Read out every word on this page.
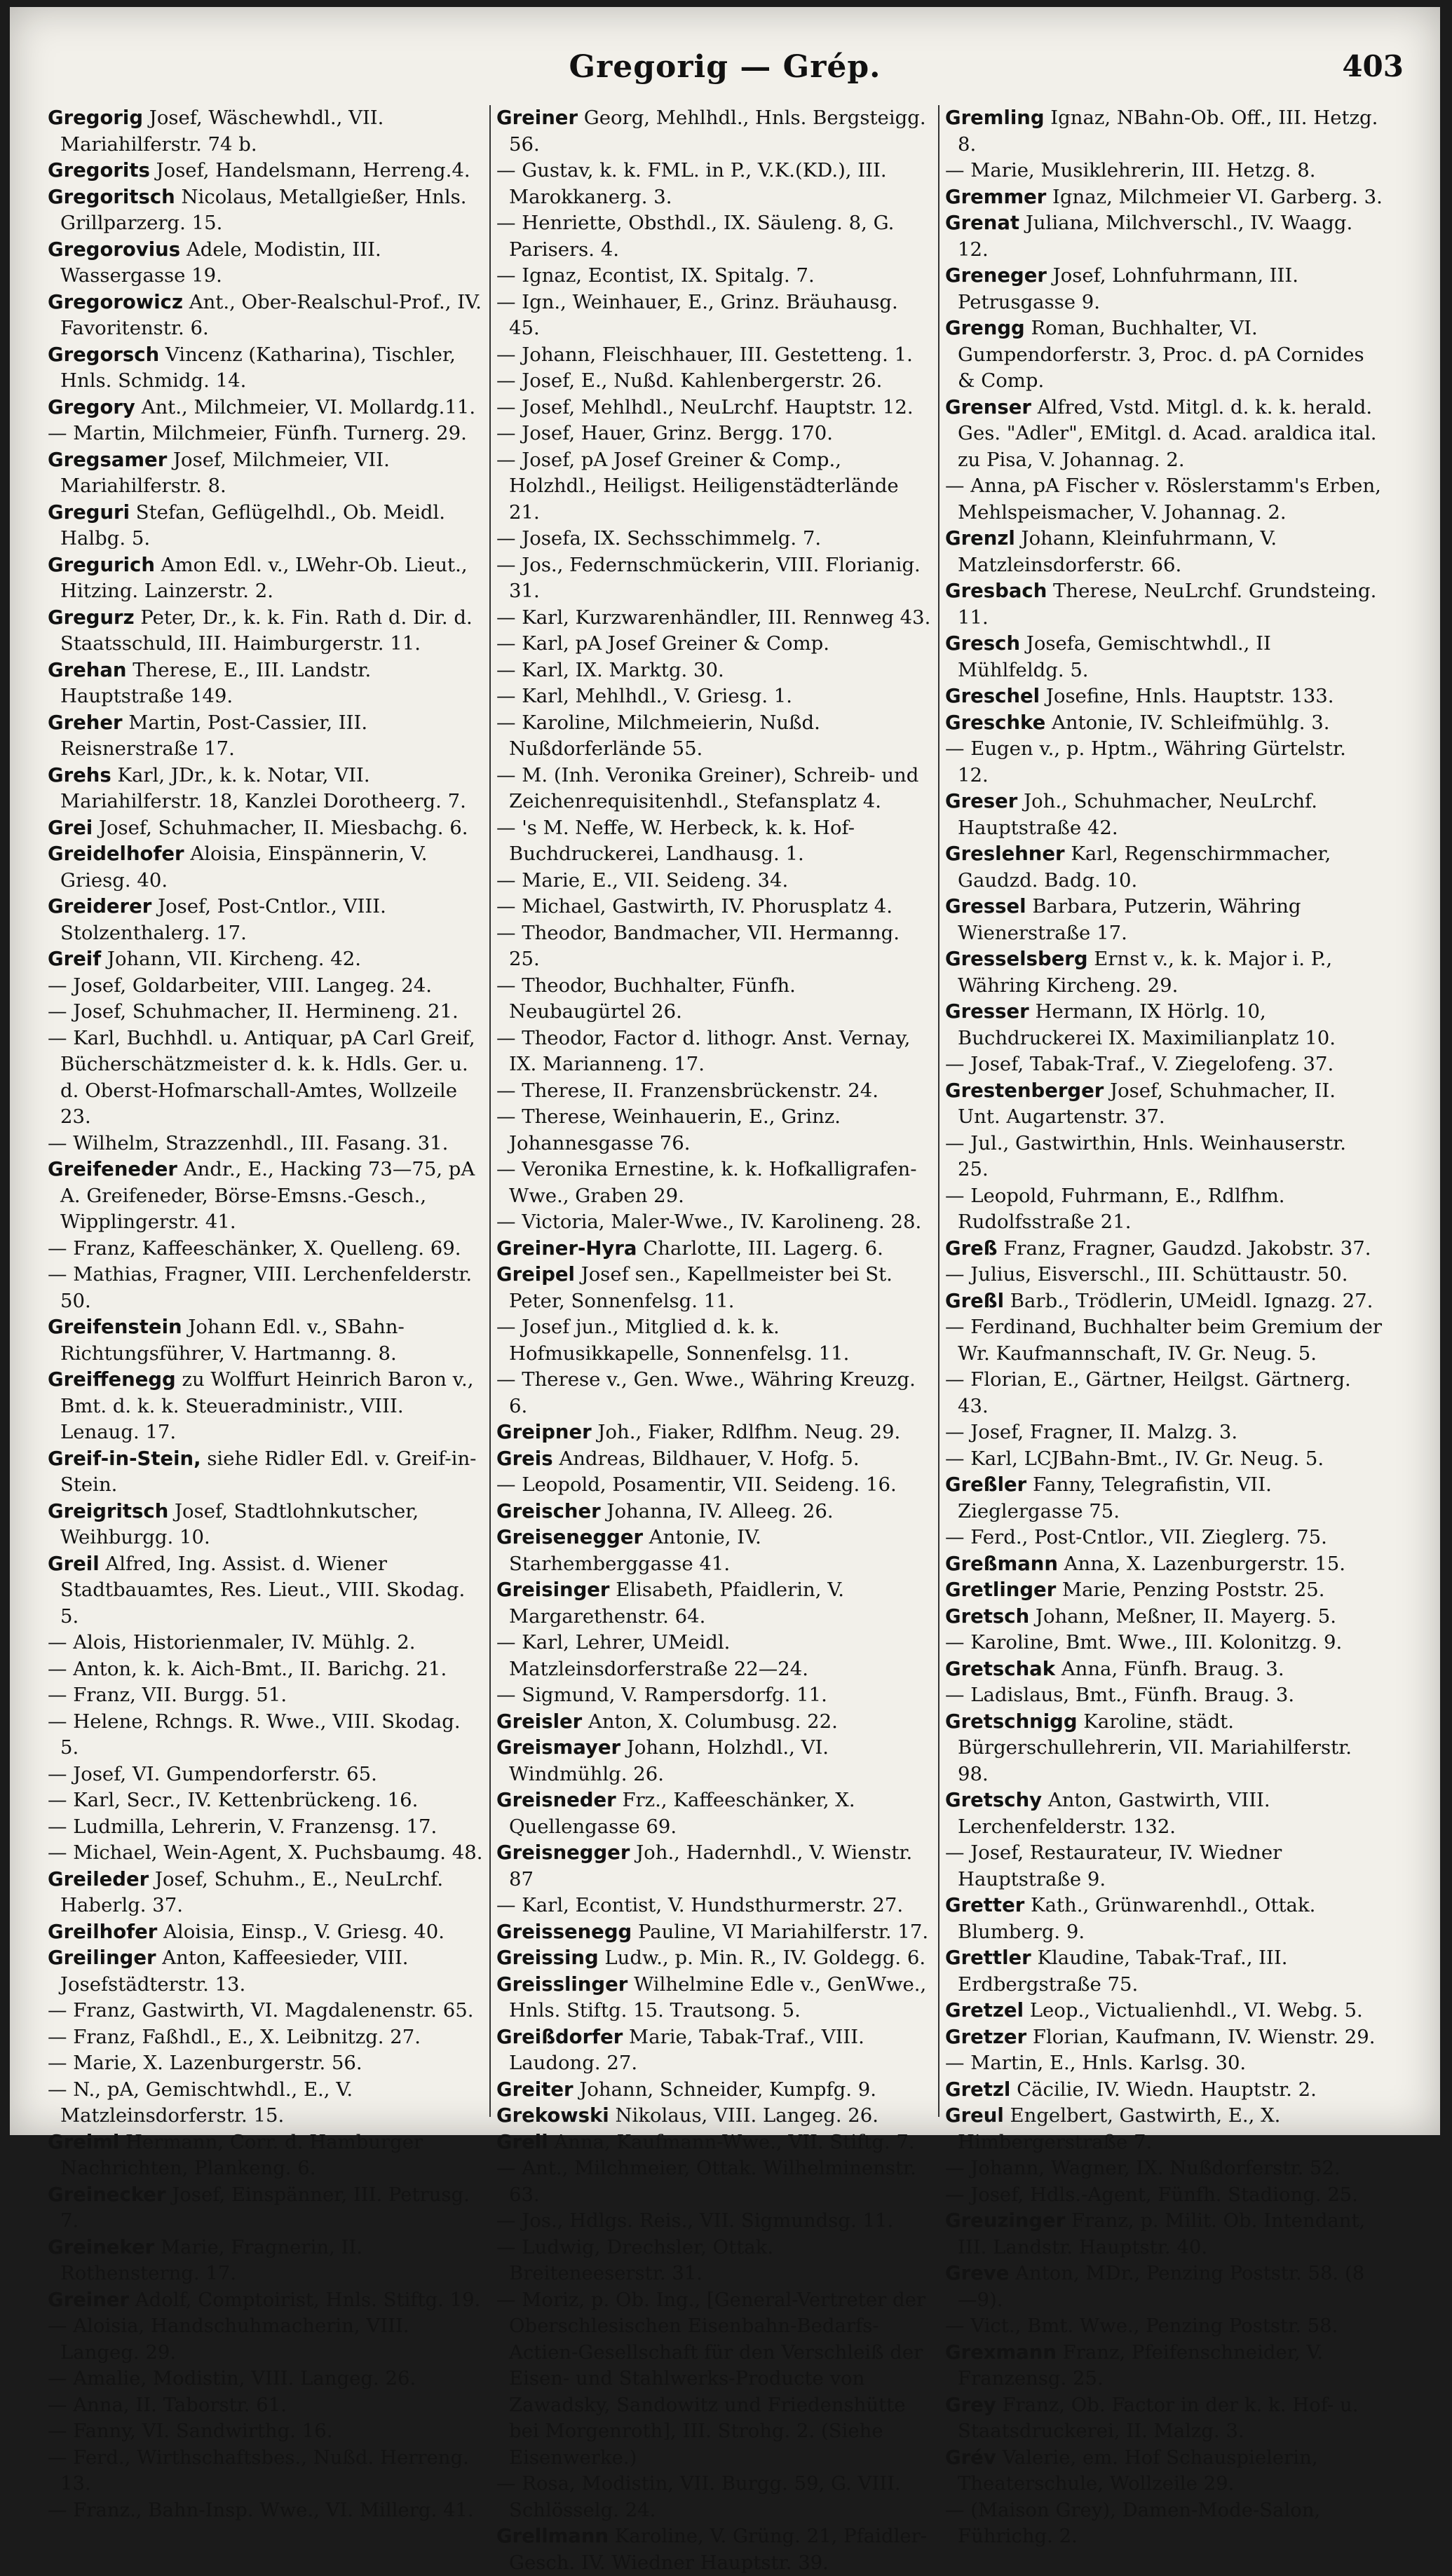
Gregorig — Grép.	403

Gregorig Josef, Wäschewhdl., VII. Mariahilferstr. 74 b.

Gregorits Josef, Handelsmann, Herreng.4.

Gregoritsch Nicolaus, Metallgießer, Hnls. Grillparzerg. 15.

Gregorovius Adele, Modistin, III. Wassergasse 19.

Gregorowicz Ant., Ober-Realschul-Prof., IV. Favoritenstr. 6.

Gregorsch Vincenz (Katharina), Tischler, Hnls. Schmidg. 14.

Gregory Ant., Milchmeier, VI. Mollardg.11.

— Martin, Milchmeier, Fünfh. Turnerg. 29.

Gregsamer Josef, Milchmeier, VII. Mariahilferstr. 8.

Greguri Stefan, Geflügelhdl., Ob. Meidl. Halbg. 5.

Gregurich Amon Edl. v., LWehr-Ob. Lieut., Hitzing. Lainzerstr. 2.

Gregurz Peter, Dr., k. k. Fin. Rath d. Dir. d. Staatsschuld, III. Haimburgerstr. 11.

Grehan Therese, E., III. Landstr. Hauptstraße 149.

Greher Martin, Post-Cassier, III. Reisnerstraße 17.

Grehs Karl, JDr., k. k. Notar, VII. Mariahilferstr. 18, Kanzlei Dorotheerg. 7.

Grei Josef, Schuhmacher, II. Miesbachg. 6.

Greidelhofer Aloisia, Einspännerin, V. Griesg. 40.

Greiderer Josef, Post-Cntlor., VIII. Stolzenthalerg. 17.

Greif Johann, VII. Kircheng. 42.

— Josef, Goldarbeiter, VIII. Langeg. 24.

— Josef, Schuhmacher, II. Hermineng. 21.

— Karl, Buchhdl. u. Antiquar, pA Carl Greif, Bücherschätzmeister d. k. k. Hdls. Ger. u. d. Oberst-Hofmarschall-Amtes, Wollzeile 23.

— Wilhelm, Strazzenhdl., III. Fasang. 31.

Greifeneder Andr., E., Hacking 73—75, pA A. Greifeneder, Börse-Emsns.-Gesch., Wipplingerstr. 41.

— Franz, Kaffeeschänker, X. Quelleng. 69.

— Mathias, Fragner, VIII. Lerchenfelderstr. 50.

Greifenstein Johann Edl. v., SBahn-Richtungsführer, V. Hartmanng. 8.

Greiffenegg zu Wolffurt Heinrich Baron v., Bmt. d. k. k. Steueradministr., VIII. Lenaug. 17.

Greif-in-Stein, siehe Ridler Edl. v. Greif-in-Stein.

Greigritsch Josef, Stadtlohnkutscher, Weihburgg. 10.

Greil Alfred, Ing. Assist. d. Wiener Stadtbauamtes, Res. Lieut., VIII. Skodag. 5.

— Alois, Historienmaler, IV. Mühlg. 2.

— Anton, k. k. Aich-Bmt., II. Barichg. 21.

— Franz, VII. Burgg. 51.

— Helene, Rchngs. R. Wwe., VIII. Skodag. 5.

— Josef, VI. Gumpendorferstr. 65.

— Karl, Secr., IV. Kettenbrückeng. 16.

— Ludmilla, Lehrerin, V. Franzensg. 17.

— Michael, Wein-Agent, X. Puchsbaumg. 48.

Greileder Josef, Schuhm., E., NeuLrchf. Haberlg. 37.

Greilhofer Aloisia, Einsp., V. Griesg. 40.

Greilinger Anton, Kaffeesieder, VIII. Josefstädterstr. 13.

— Franz, Gastwirth, VI. Magdalenenstr. 65.

— Franz, Faßhdl., E., X. Leibnitzg. 27.

— Marie, X. Lazenburgerstr. 56.

— N., pA, Gemischtwhdl., E., V. Matzleinsdorferstr. 15.

Greiml Hermann, Corr. d. Hamburger Nachrichten, Plankeng. 6.

Greinecker Josef, Einspänner, III. Petrusg. 7.

Greineker Marie, Fragnerin, II. Rothensterng. 17.

Greiner Adolf, Comptoirist, Hnls. Stiftg. 19.

— Aloisia, Handschuhmacherin, VIII. Langeg. 29.

— Amalie, Modistin, VIII. Langeg. 26.

— Anna, II. Taborstr. 61.

— Fanny, VI. Sandwirthg. 16.

— Ferd., Wirthschaftsbes., Nußd. Herreng. 13.

— Franz., Bahn-Insp. Wwe., VI. Millerg. 41.

Greiner Georg, Mehlhdl., Hnls. Bergsteigg. 56.

— Gustav, k. k. FML. in P., V.K.(KD.), III. Marokkanerg. 3.

— Henriette, Obsthdl., IX. Säuleng. 8, G. Parisers. 4.

— Ignaz, Econtist, IX. Spitalg. 7.

— Ign., Weinhauer, E., Grinz. Bräuhausg. 45.

— Johann, Fleischhauer, III. Gestetteng. 1.

— Josef, E., Nußd. Kahlenbergerstr. 26.

— Josef, Mehlhdl., NeuLrchf. Hauptstr. 12.

— Josef, Hauer, Grinz. Bergg. 170.

— Josef, pA Josef Greiner & Comp., Holzhdl., Heiligst. Heiligenstädterlände 21.

— Josefa, IX. Sechsschimmelg. 7.

— Jos., Federnschmückerin, VIII. Florianig. 31.

— Karl, Kurzwarenhändler, III. Rennweg 43.

— Karl, pA Josef Greiner & Comp.

— Karl, IX. Marktg. 30.

— Karl, Mehlhdl., V. Griesg. 1.

— Karoline, Milchmeierin, Nußd. Nußdorferlände 55.

— M. (Inh. Veronika Greiner), Schreib- und Zeichenrequisitenhdl., Stefansplatz 4.

— 's M. Neffe, W. Herbeck, k. k. Hof-Buchdruckerei, Landhausg. 1.

— Marie, E., VII. Seideng. 34.

— Michael, Gastwirth, IV. Phorusplatz 4.

— Theodor, Bandmacher, VII. Hermanng. 25.

— Theodor, Buchhalter, Fünfh. Neubaugürtel 26.

— Theodor, Factor d. lithogr. Anst. Vernay, IX. Marianneng. 17.

— Therese, II. Franzensbrückenstr. 24.

— Therese, Weinhauerin, E., Grinz. Johannesgasse 76.

— Veronika Ernestine, k. k. Hofkalligrafen-Wwe., Graben 29.

— Victoria, Maler-Wwe., IV. Karolineng. 28.

Greiner-Hyra Charlotte, III. Lagerg. 6.

Greipel Josef sen., Kapellmeister bei St. Peter, Sonnenfelsg. 11.

— Josef jun., Mitglied d. k. k. Hofmusikkapelle, Sonnenfelsg. 11.

— Therese v., Gen. Wwe., Währing Kreuzg. 6.

Greipner Joh., Fiaker, Rdlfhm. Neug. 29.

Greis Andreas, Bildhauer, V. Hofg. 5.

— Leopold, Posamentir, VII. Seideng. 16.

Greischer Johanna, IV. Alleeg. 26.

Greisenegger Antonie, IV. Starhemberggasse 41.

Greisinger Elisabeth, Pfaidlerin, V. Margarethenstr. 64.

— Karl, Lehrer, UMeidl. Matzleinsdorferstraße 22—24.

— Sigmund, V. Rampersdorfg. 11.

Greisler Anton, X. Columbusg. 22.

Greismayer Johann, Holzhdl., VI. Windmühlg. 26.

Greisneder Frz., Kaffeeschänker, X. Quellengasse 69.

Greisnegger Joh., Hadernhdl., V. Wienstr. 87

— Karl, Econtist, V. Hundsthurmerstr. 27.

Greissenegg Pauline, VI Mariahilferstr. 17.

Greissing Ludw., p. Min. R., IV. Goldegg. 6.

Greisslinger Wilhelmine Edle v., GenWwe., Hnls. Stiftg. 15. Trautsong. 5.

Greißdorfer Marie, Tabak-Traf., VIII. Laudong. 27.

Greiter Johann, Schneider, Kumpfg. 9.

Grekowski Nikolaus, VIII. Langeg. 26.

Grell Anna, Kaufmann-Wwe., VII. Stiftg. 7.

— Ant., Milchmeier, Ottak. Wilhelminenstr. 63.

— Jos., Hdlgs. Reis., VII. Sigmundsg. 11.

— Ludwig, Drechsler, Ottak. Breiteneeserstr. 31.

— Moriz, p. Ob. Ing., [General-Vertreter der Oberschlesischen Eisenbahn-Bedarfs-Actien-Gesellschaft für den Verschleiß der Eisen- und Stahlwerks-Producte von Zawadsky, Sandowitz und Friedenshütte bei Morgenroth], III. Strohg. 2. (Siehe Eisenwerke.)

— Rosa, Modistin, VII. Burgg. 59, G. VIII. Schlösselg. 24.

Grellmann Karoline, V. Grüng. 21, Pfaidler-Gesch. IV. Wiedner Hauptstr. 39.

Gremling Ignaz, NBahn-Ob. Off., III. Hetzg. 8.

— Marie, Musiklehrerin, III. Hetzg. 8.

Gremmer Ignaz, Milchmeier VI. Garberg. 3.

Grenat Juliana, Milchverschl., IV. Waagg. 12.

Greneger Josef, Lohnfuhrmann, III. Petrusgasse 9.

Grengg Roman, Buchhalter, VI. Gumpendorferstr. 3, Proc. d. pA Cornides & Comp.

Grenser Alfred, Vstd. Mitgl. d. k. k. herald. Ges. "Adler", EMitgl. d. Acad. araldica ital. zu Pisa, V. Johannag. 2.

— Anna, pA Fischer v. Röslerstamm's Erben, Mehlspeismacher, V. Johannag. 2.

Grenzl Johann, Kleinfuhrmann, V. Matzleinsdorferstr. 66.

Gresbach Therese, NeuLrchf. Grundsteing. 11.

Gresch Josefa, Gemischtwhdl., II Mühlfeldg. 5.

Greschel Josefine, Hnls. Hauptstr. 133.

Greschke Antonie, IV. Schleifmühlg. 3.

— Eugen v., p. Hptm., Währing Gürtelstr. 12.

Greser Joh., Schuhmacher, NeuLrchf. Hauptstraße 42.

Greslehner Karl, Regenschirmmacher, Gaudzd. Badg. 10.

Gressel Barbara, Putzerin, Währing Wienerstraße 17.

Gresselsberg Ernst v., k. k. Major i. P., Währing Kircheng. 29.

Gresser Hermann, IX Hörlg. 10, Buchdruckerei IX. Maximilianplatz 10.

— Josef, Tabak-Traf., V. Ziegelofeng. 37.

Grestenberger Josef, Schuhmacher, II. Unt. Augartenstr. 37.

— Jul., Gastwirthin, Hnls. Weinhauserstr. 25.

— Leopold, Fuhrmann, E., Rdlfhm. Rudolfsstraße 21.

Greß Franz, Fragner, Gaudzd. Jakobstr. 37.

— Julius, Eisverschl., III. Schüttaustr. 50.

Greßl Barb., Trödlerin, UMeidl. Ignazg. 27.

— Ferdinand, Buchhalter beim Gremium der Wr. Kaufmannschaft, IV. Gr. Neug. 5.

— Florian, E., Gärtner, Heilgst. Gärtnerg. 43.

— Josef, Fragner, II. Malzg. 3.

— Karl, LCJBahn-Bmt., IV. Gr. Neug. 5.

Greßler Fanny, Telegrafistin, VII. Zieglergasse 75.

— Ferd., Post-Cntlor., VII. Zieglerg. 75.

Greßmann Anna, X. Lazenburgerstr. 15.

Gretlinger Marie, Penzing Poststr. 25.

Gretsch Johann, Meßner, II. Mayerg. 5.

— Karoline, Bmt. Wwe., III. Kolonitzg. 9.

Gretschak Anna, Fünfh. Braug. 3.

— Ladislaus, Bmt., Fünfh. Braug. 3.

Gretschnigg Karoline, städt. Bürgerschullehrerin, VII. Mariahilferstr. 98.

Gretschy Anton, Gastwirth, VIII. Lerchenfelderstr. 132.

— Josef, Restaurateur, IV. Wiedner Hauptstraße 9.

Gretter Kath., Grünwarenhdl., Ottak. Blumberg. 9.

Grettler Klaudine, Tabak-Traf., III. Erdbergstraße 75.

Gretzel Leop., Victualienhdl., VI. Webg. 5.

Gretzer Florian, Kaufmann, IV. Wienstr. 29.

— Martin, E., Hnls. Karlsg. 30.

Gretzl Cäcilie, IV. Wiedn. Hauptstr. 2.

Greul Engelbert, Gastwirth, E., X. Himbergerstraße 7.

— Johann, Wagner, IX. Nußdorferstr. 52.

— Josef, Hdls.-Agent, Fünfh. Stadiong. 25.

Greuzinger Franz, p. Milit. Ob. Intendant, III. Landstr. Hauptstr. 40.

Greve Anton, MDr., Penzing Poststr. 58. (8—9).

— Vict., Bmt. Wwe., Penzing Poststr. 58.

Grexmann Franz, Pfeifenschneider, V. Franzensg. 25.

Grey Franz, Ob. Factor in der k. k. Hof- u. Staatsdruckerei, II. Malzg. 3.

Grév Valerie, em. Hof Schauspielerin, Theaterschule, Wollzeile 29.

— (Maison Grey), Damen-Mode-Salon, Führichg. 2.
